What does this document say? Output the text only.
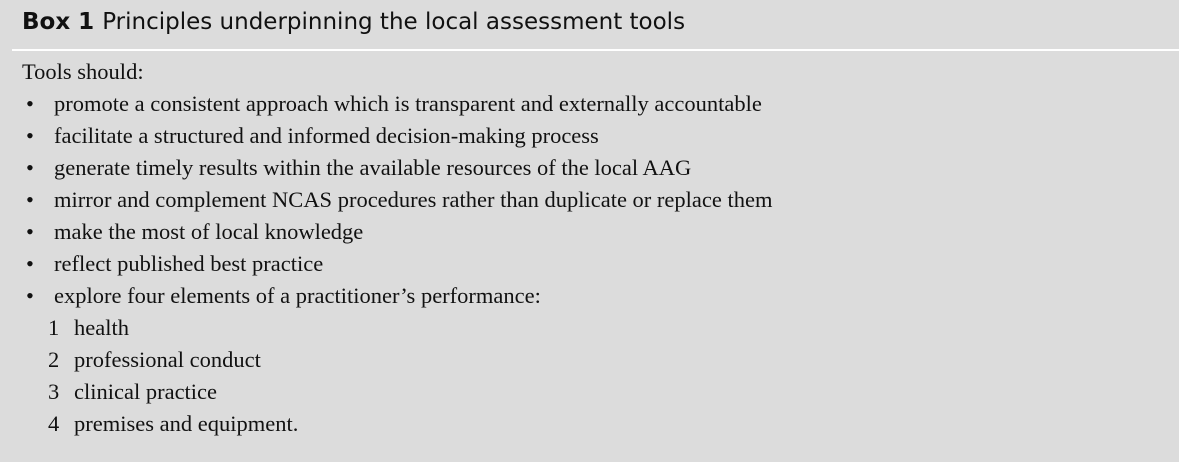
Box 1 Principles underpinning the local assessment tools
Tools should:
• promote a consistent approach which is transparent and externally accountable
• facilitate a structured and informed decision-making process
• generate timely results within the available resources of the local AAG
• mirror and complement NCAS procedures rather than duplicate or replace them
• make the most of local knowledge
• reflect published best practice
• explore four elements of a practitioner’s performance:
1 health
2 professional conduct
3 clinical practice
4 premises and equipment.
